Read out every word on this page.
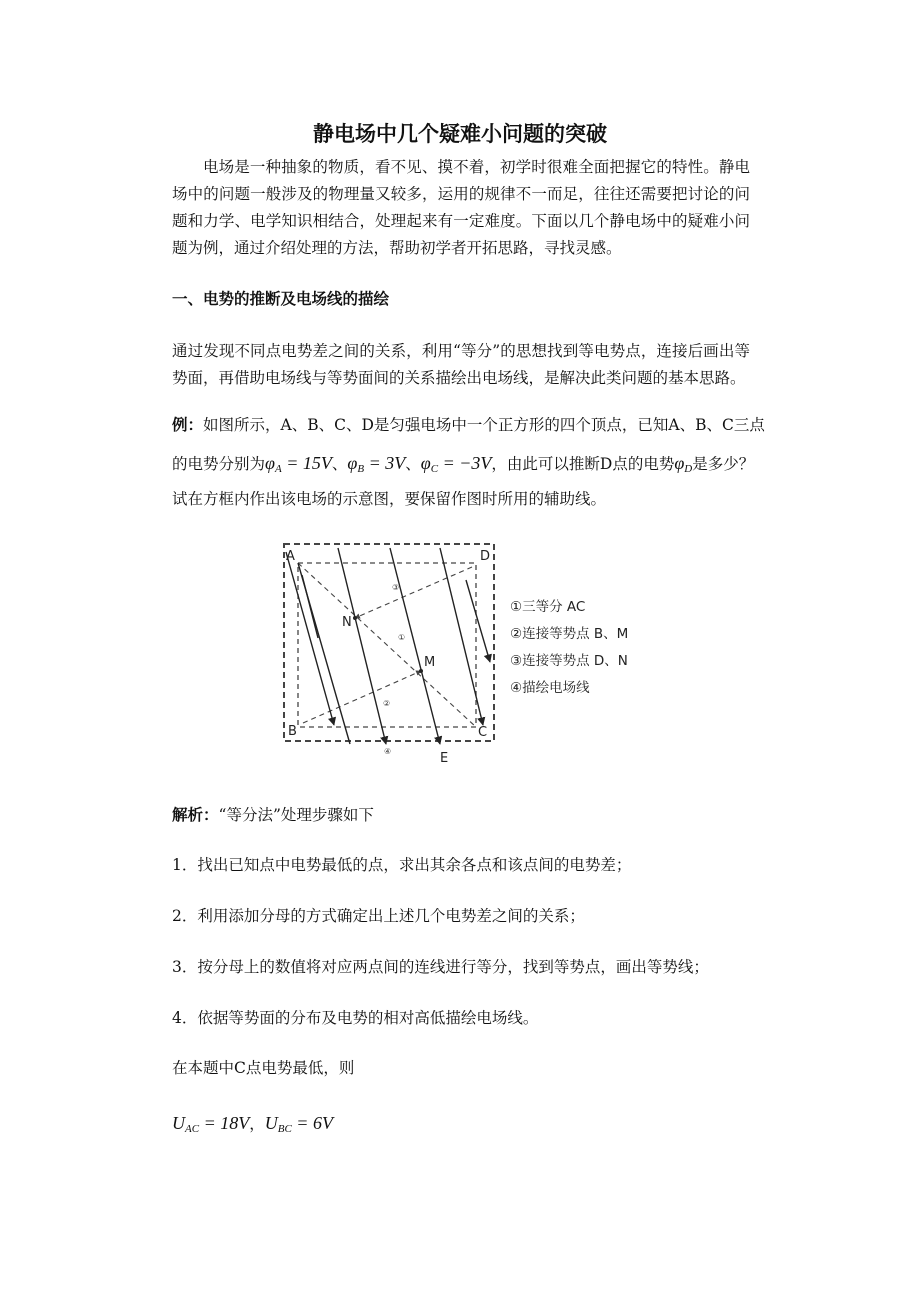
静电场中几个疑难小问题的突破

电场是一种抽象的物质，看不见、摸不着，初学时很难全面把握它的特性。静电场中的问题一般涉及的物理量又较多，运用的规律不一而足，往往还需要把讨论的问题和力学、电学知识相结合，处理起来有一定难度。下面以几个静电场中的疑难小问题为例，通过介绍处理的方法，帮助初学者开拓思路，寻找灵感。

一、电势的推断及电场线的描绘

通过发现不同点电势差之间的关系，利用“等分”的思想找到等电势点，连接后画出等势面，再借助电场线与等势面间的关系描绘出电场线，是解决此类问题的基本思路。

例：如图所示，A、B、C、D是匀强电场中一个正方形的四个顶点，已知A、B、C三点

的电势分别为$\varphi_A = 15V$、$\varphi_B = 3V$、$\varphi_C = -3V$，由此可以推断D点的电势$\varphi_D$是多少？

试在方框内作出该电场的示意图，要保留作图时所用的辅助线。

A	D
B	C
E
N
M
③
①
②
④
①三等分 AC
②连接等势点 B、M
③连接等势点 D、N
④描绘电场线

解析：“等分法”处理步骤如下

1．找出已知点中电势最低的点，求出其余各点和该点间的电势差；

2．利用添加分母的方式确定出上述几个电势差之间的关系；

3．按分母上的数值将对应两点间的连线进行等分，找到等势点，画出等势线；

4．依据等势面的分布及电势的相对高低描绘电场线。

在本题中C点电势最低，则

$U_{AC} = 18V$，$U_{BC} = 6V$
